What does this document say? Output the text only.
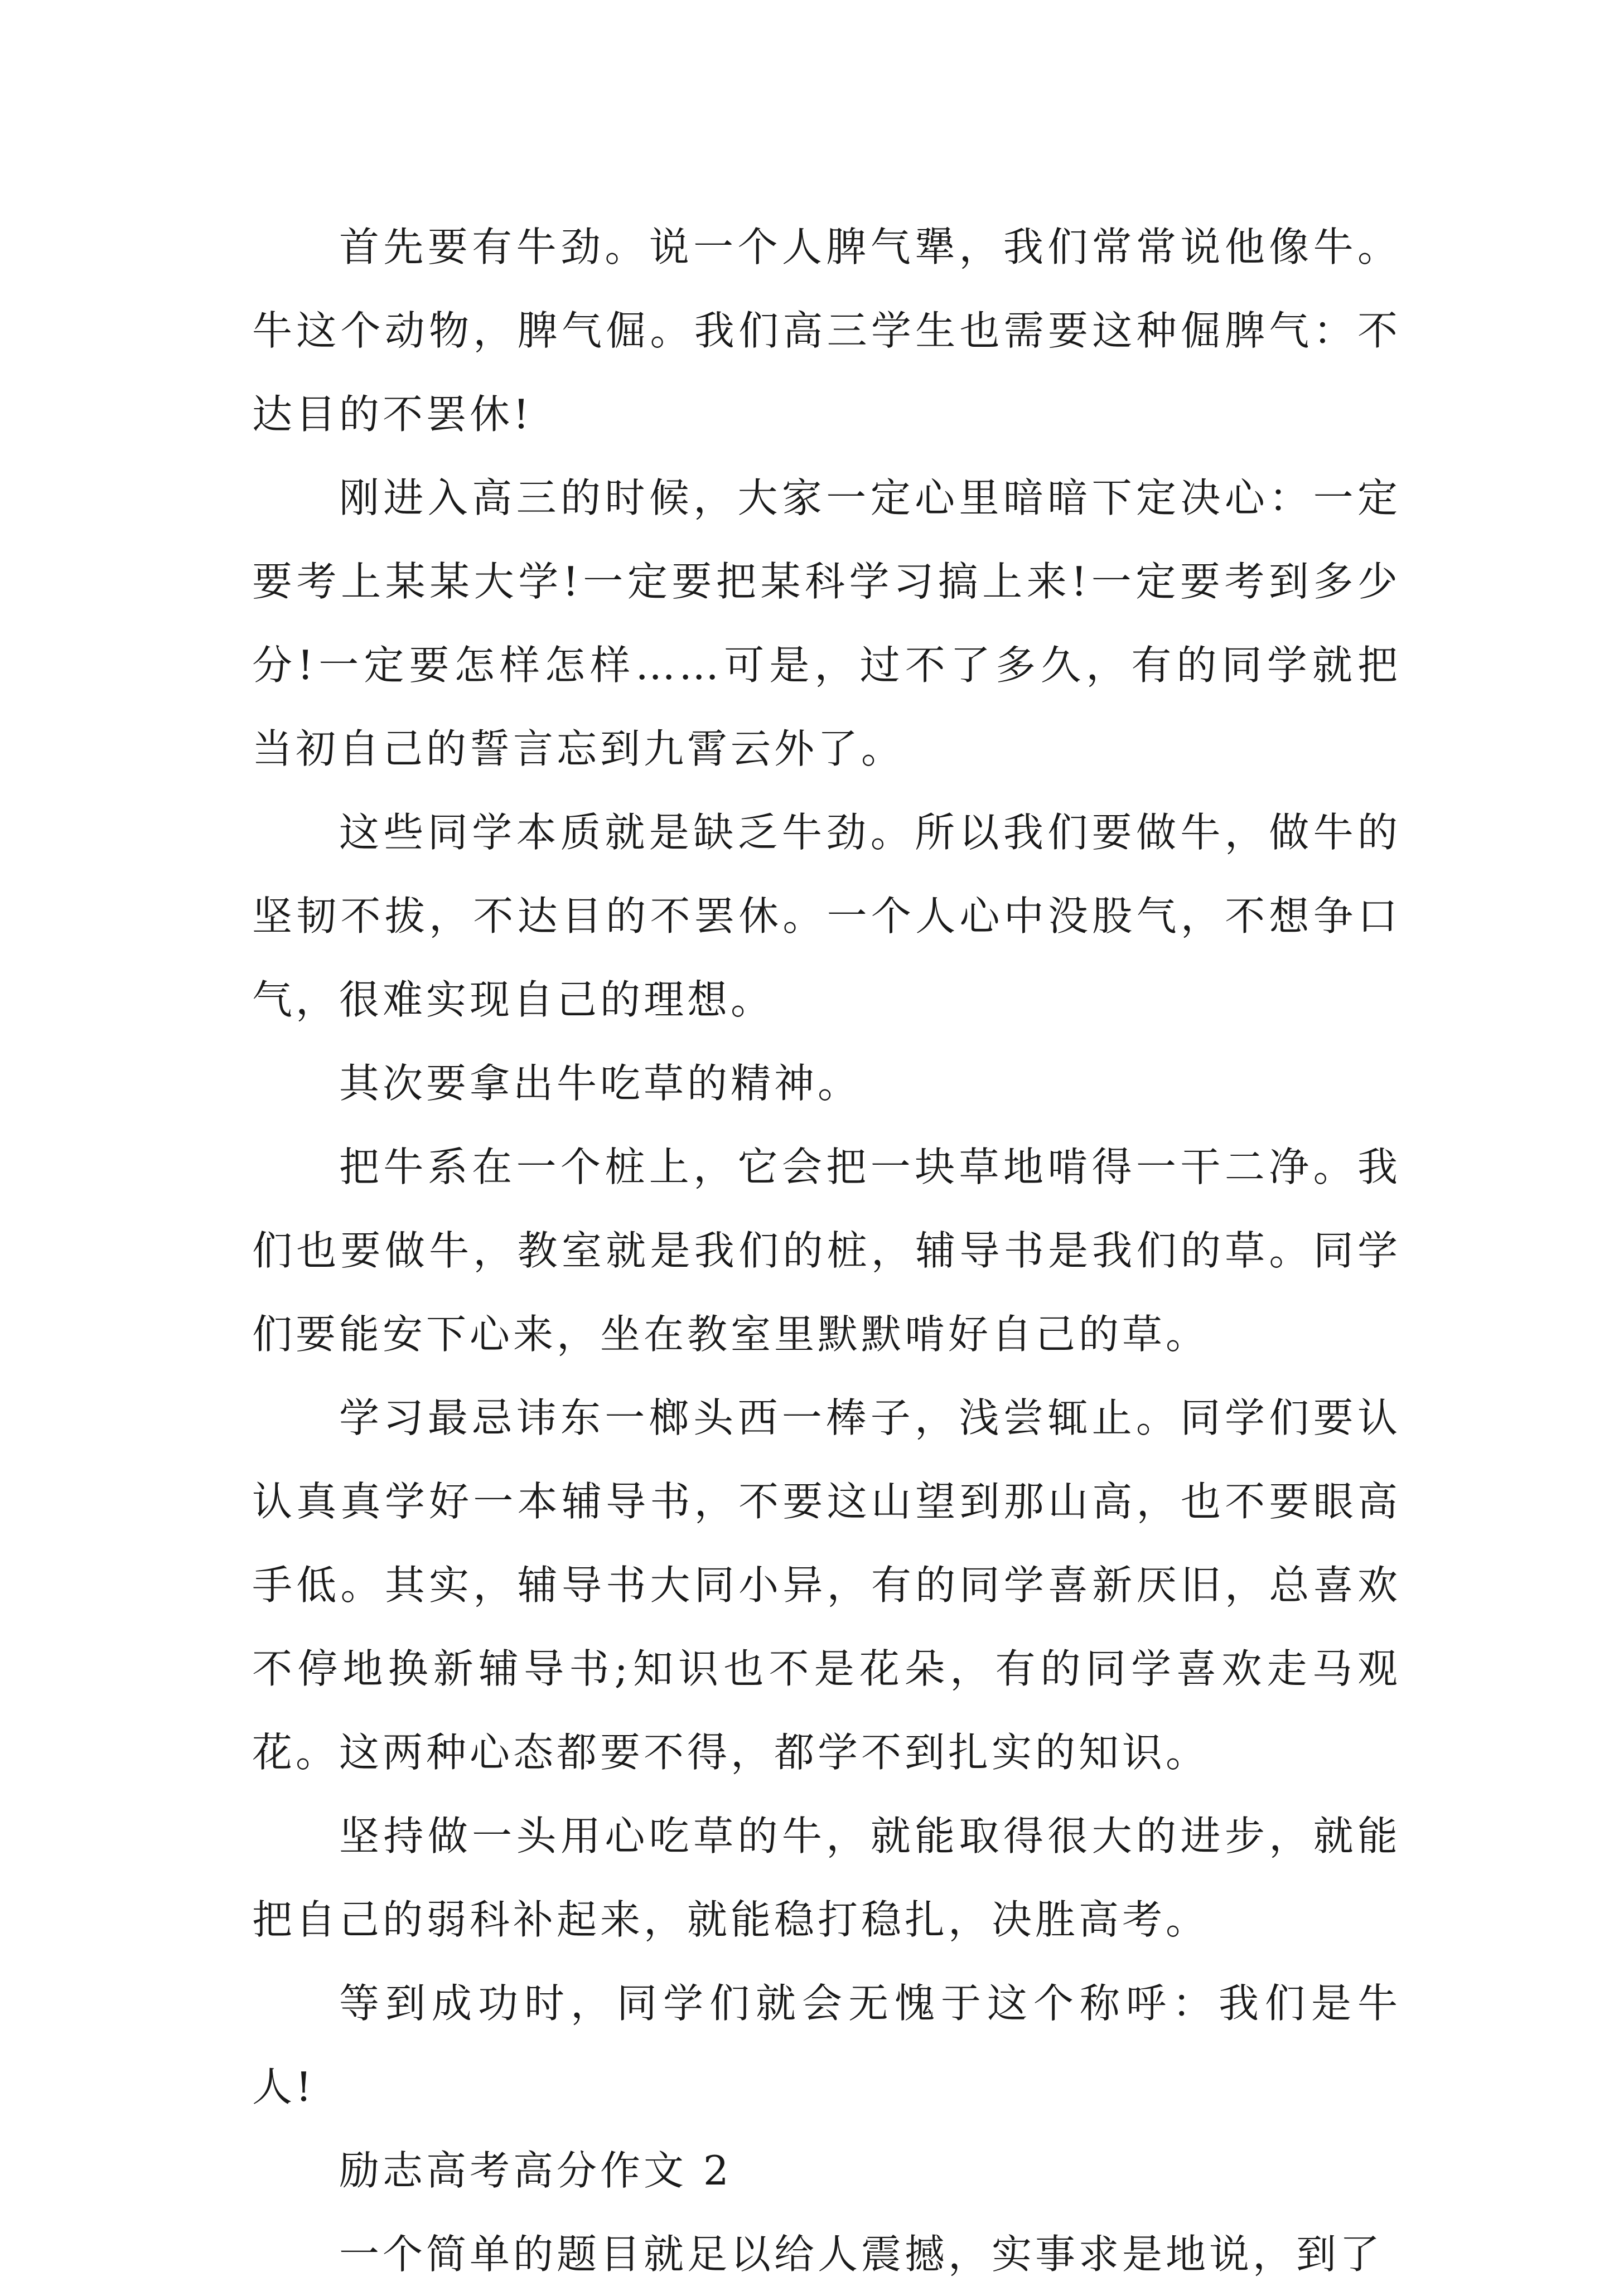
首先要有牛劲。说一个人脾气犟，我们常常说他像牛。牛这个动物，脾气倔。我们高三学生也需要这种倔脾气：不达目的不罢休!

刚进入高三的时候，大家一定心里暗暗下定决心：一定要考上某某大学!一定要把某科学习搞上来!一定要考到多少分!一定要怎样怎样……可是，过不了多久，有的同学就把当初自己的誓言忘到九霄云外了。

这些同学本质就是缺乏牛劲。所以我们要做牛，做牛的坚韧不拔，不达目的不罢休。一个人心中没股气，不想争口气，很难实现自己的理想。

其次要拿出牛吃草的精神。

把牛系在一个桩上，它会把一块草地啃得一干二净。我们也要做牛，教室就是我们的桩，辅导书是我们的草。同学们要能安下心来，坐在教室里默默啃好自己的草。

学习最忌讳东一榔头西一棒子，浅尝辄止。同学们要认认真真学好一本辅导书，不要这山望到那山高，也不要眼高手低。其实，辅导书大同小异，有的同学喜新厌旧，总喜欢不停地换新辅导书;知识也不是花朵，有的同学喜欢走马观花。这两种心态都要不得，都学不到扎实的知识。

坚持做一头用心吃草的牛，就能取得很大的进步，就能把自己的弱科补起来，就能稳打稳扎，决胜高考。

等到成功时，同学们就会无愧于这个称呼：我们是牛人!

励志高考高分作文 2

一个简单的题目就足以给人震撼，实事求是地说，到了
